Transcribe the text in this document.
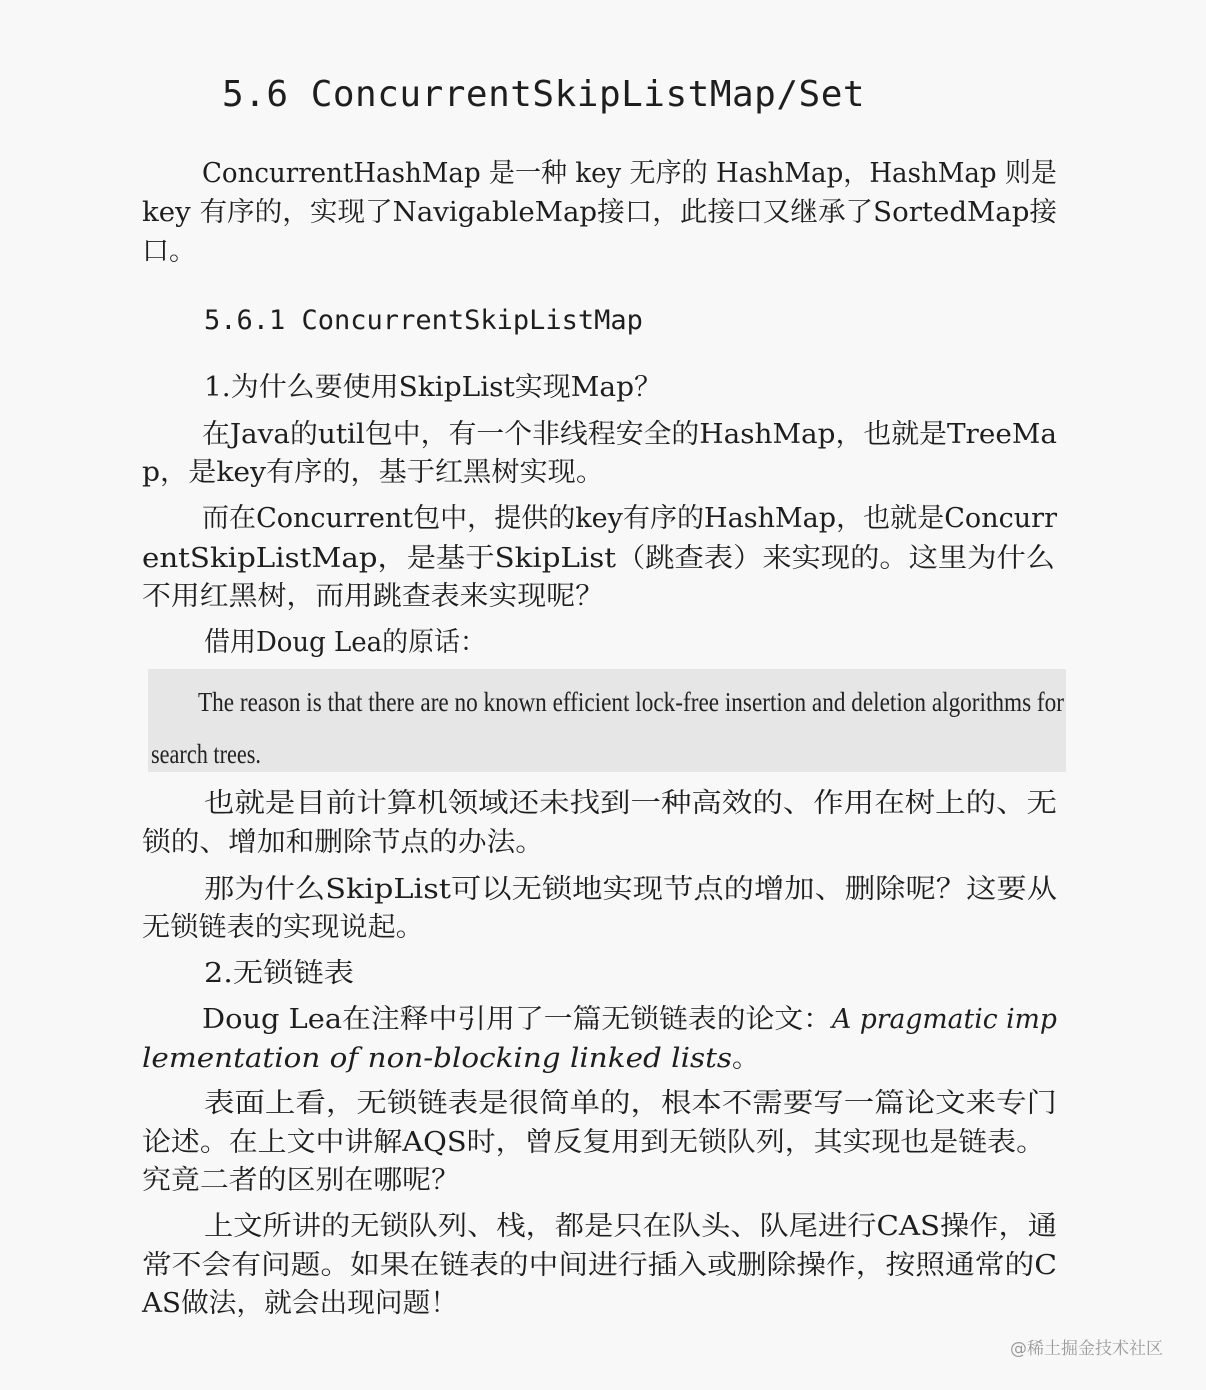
5.6 ConcurrentSkipListMap/Set
ConcurrentHashMap 是一种 key 无序的 HashMap，HashMap 则是
key 有序的，实现了NavigableMap接口，此接口又继承了SortedMap接
口。
5.6.1 ConcurrentSkipListMap
1.为什么要使用SkipList实现Map？
在Java的util包中，有一个非线程安全的HashMap，也就是TreeMa
p，是key有序的，基于红黑树实现。
而在Concurrent包中，提供的key有序的HashMap，也就是Concurr
entSkipListMap，是基于SkipList（跳查表）来实现的。这里为什么
不用红黑树，而用跳查表来实现呢？
借用Doug Lea的原话：
The reason is that there are no known efficient lock-free insertion and deletion algorithms for
search trees.
也就是目前计算机领域还未找到一种高效的、作用在树上的、无
锁的、增加和删除节点的办法。
那为什么SkipList可以无锁地实现节点的增加、删除呢？这要从
无锁链表的实现说起。
2.无锁链表
Doug Lea在注释中引用了一篇无锁链表的论文：A pragmatic imp
lementation of non-blocking linked lists。
表面上看，无锁链表是很简单的，根本不需要写一篇论文来专门
论述。在上文中讲解AQS时，曾反复用到无锁队列，其实现也是链表。
究竟二者的区别在哪呢？
上文所讲的无锁队列、栈，都是只在队头、队尾进行CAS操作，通
常不会有问题。如果在链表的中间进行插入或删除操作，按照通常的C
AS做法，就会出现问题！
@稀土掘金技术社区
